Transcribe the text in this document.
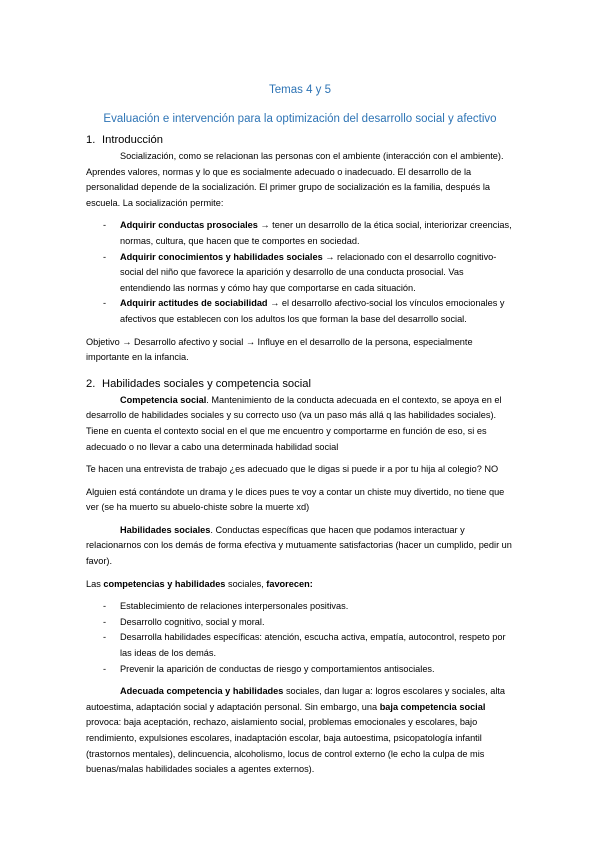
Temas 4 y 5
Evaluación e intervención para la optimización del desarrollo social y afectivo
1. Introducción

Socialización, como se relacionan las personas con el ambiente (interacción con el ambiente). Aprendes valores, normas y lo que es socialmente adecuado o inadecuado. El desarrollo de la personalidad depende de la socialización. El primer grupo de socialización es la familia, después la escuela. La socialización permite:

- Adquirir conductas prosociales → tener un desarrollo de la ética social, interiorizar creencias, normas, cultura, que hacen que te comportes en sociedad.
- Adquirir conocimientos y habilidades sociales → relacionado con el desarrollo cognitivo-social del niño que favorece la aparición y desarrollo de una conducta prosocial. Vas entendiendo las normas y cómo hay que comportarse en cada situación.
- Adquirir actitudes de sociabilidad → el desarrollo afectivo-social los vínculos emocionales y afectivos que establecen con los adultos los que forman la base del desarrollo social.

Objetivo → Desarrollo afectivo y social → Influye en el desarrollo de la persona, especialmente importante en la infancia.

2. Habilidades sociales y competencia social

Competencia social. Mantenimiento de la conducta adecuada en el contexto, se apoya en el desarrollo de habilidades sociales y su correcto uso (va un paso más allá q las habilidades sociales). Tiene en cuenta el contexto social en el que me encuentro y comportarme en función de eso, si es adecuado o no llevar a cabo una determinada habilidad social

Te hacen una entrevista de trabajo ¿es adecuado que le digas si puede ir a por tu hija al colegio? NO

Alguien está contándote un drama y le dices pues te voy a contar un chiste muy divertido, no tiene que ver (se ha muerto su abuelo-chiste sobre la muerte xd)

Habilidades sociales. Conductas específicas que hacen que podamos interactuar y relacionarnos con los demás de forma efectiva y mutuamente satisfactorias (hacer un cumplido, pedir un favor).

Las competencias y habilidades sociales, favorecen:

- Establecimiento de relaciones interpersonales positivas.
- Desarrollo cognitivo, social y moral.
- Desarrolla habilidades específicas: atención, escucha activa, empatía, autocontrol, respeto por las ideas de los demás.
- Prevenir la aparición de conductas de riesgo y comportamientos antisociales.

Adecuada competencia y habilidades sociales, dan lugar a: logros escolares y sociales, alta autoestima, adaptación social y adaptación personal. Sin embargo, una baja competencia social provoca: baja aceptación, rechazo, aislamiento social, problemas emocionales y escolares, bajo rendimiento, expulsiones escolares, inadaptación escolar, baja autoestima, psicopatología infantil (trastornos mentales), delincuencia, alcoholismo, locus de control externo (le echo la culpa de mis buenas/malas habilidades sociales a agentes externos).
